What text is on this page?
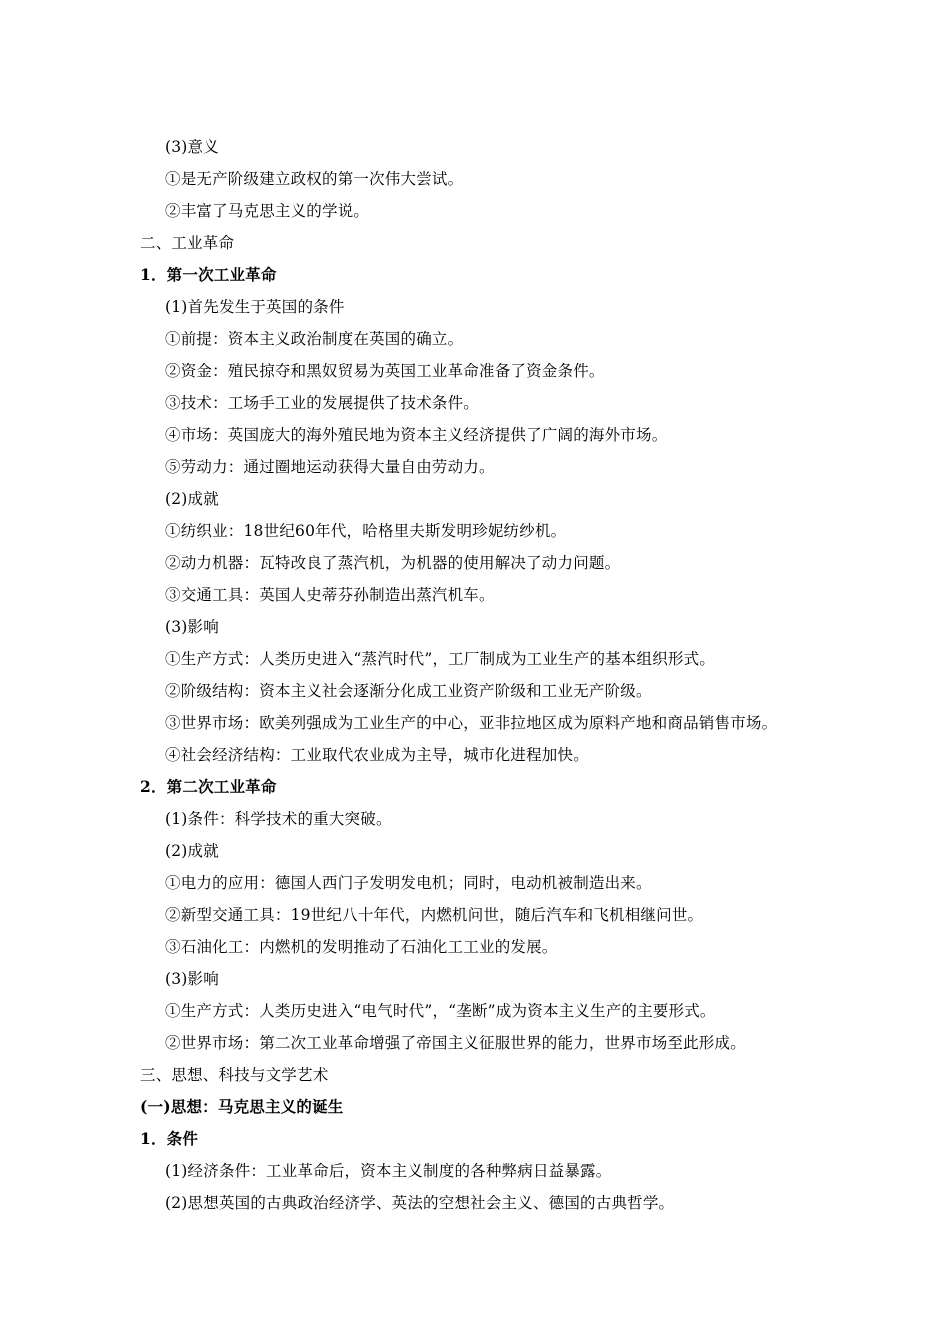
(3)意义
①是无产阶级建立政权的第一次伟大尝试。
②丰富了马克思主义的学说。
二、工业革命
1．第一次工业革命
(1)首先发生于英国的条件
①前提：资本主义政治制度在英国的确立。
②资金：殖民掠夺和黑奴贸易为英国工业革命准备了资金条件。
③技术：工场手工业的发展提供了技术条件。
④市场：英国庞大的海外殖民地为资本主义经济提供了广阔的海外市场。
⑤劳动力：通过圈地运动获得大量自由劳动力。
(2)成就
①纺织业：18世纪60年代，哈格里夫斯发明珍妮纺纱机。
②动力机器：瓦特改良了蒸汽机，为机器的使用解决了动力问题。
③交通工具：英国人史蒂芬孙制造出蒸汽机车。
(3)影响
①生产方式：人类历史进入“蒸汽时代”，工厂制成为工业生产的基本组织形式。
②阶级结构：资本主义社会逐渐分化成工业资产阶级和工业无产阶级。
③世界市场：欧美列强成为工业生产的中心，亚非拉地区成为原料产地和商品销售市场。
④社会经济结构：工业取代农业成为主导，城市化进程加快。
2．第二次工业革命
(1)条件：科学技术的重大突破。
(2)成就
①电力的应用：德国人西门子发明发电机；同时，电动机被制造出来。
②新型交通工具：19世纪八十年代，内燃机问世，随后汽车和飞机相继问世。
③石油化工：内燃机的发明推动了石油化工工业的发展。
(3)影响
①生产方式：人类历史进入“电气时代”，“垄断”成为资本主义生产的主要形式。
②世界市场：第二次工业革命增强了帝国主义征服世界的能力，世界市场至此形成。
三、思想、科技与文学艺术
(一)思想：马克思主义的诞生
1．条件
(1)经济条件：工业革命后，资本主义制度的各种弊病日益暴露。
(2)思想英国的古典政治经济学、英法的空想社会主义、德国的古典哲学。
